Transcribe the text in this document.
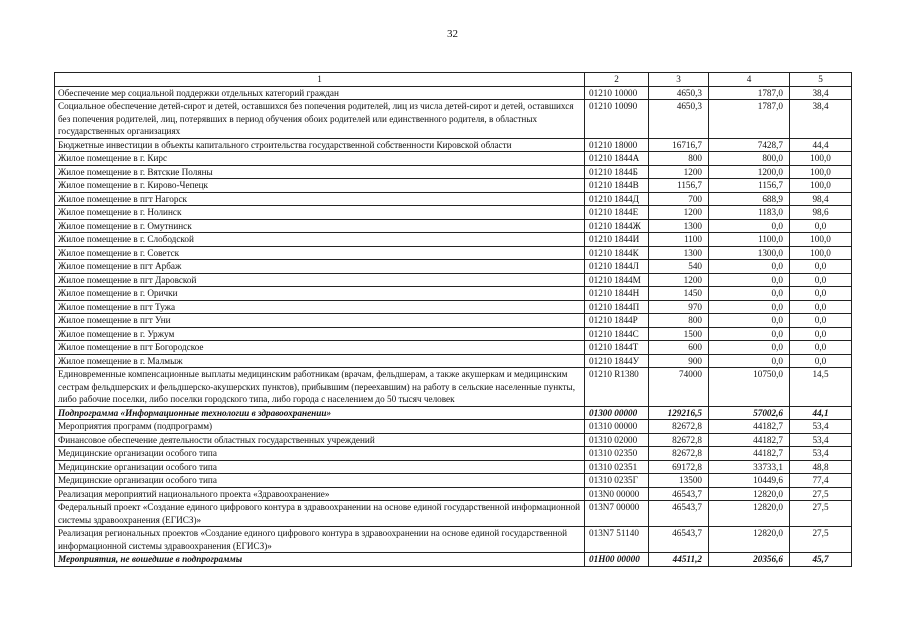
32
1	2	3	4	5
Обеспечение мер социальной поддержки отдельных категорий граждан	01210 10000	4650,3	1787,0	38,4
Социальное обеспечение детей-сирот и детей, оставшихся без попечения родителей, лиц из числа детей-сирот и детей, оставшихся без попечения родителей, лиц, потерявших в период обучения обоих родителей или единственного родителя, в областных государственных организациях	01210 10090	4650,3	1787,0	38,4
Бюджетные инвестиции в объекты капитального строительства государственной собственности Кировской области	01210 18000	16716,7	7428,7	44,4
Жилое помещение в г. Кирс	01210 1844А	800	800,0	100,0
Жилое помещение в г. Вятские Поляны	01210 1844Б	1200	1200,0	100,0
Жилое помещение в г. Кирово-Чепецк	01210 1844В	1156,7	1156,7	100,0
Жилое помещение в пгт Нагорск	01210 1844Д	700	688,9	98,4
Жилое помещение в г. Нолинск	01210 1844Е	1200	1183,0	98,6
Жилое помещение в г. Омутнинск	01210 1844Ж	1300	0,0	0,0
Жилое помещение в г. Слободской	01210 1844И	1100	1100,0	100,0
Жилое помещение в г. Советск	01210 1844К	1300	1300,0	100,0
Жилое помещение в пгт Арбаж	01210 1844Л	540	0,0	0,0
Жилое помещение в пгт Даровской	01210 1844М	1200	0,0	0,0
Жилое помещение в г. Орички	01210 1844Н	1450	0,0	0,0
Жилое помещение в пгт Тужа	01210 1844П	970	0,0	0,0
Жилое помещение в пгт Уни	01210 1844Р	800	0,0	0,0
Жилое помещение в г. Уржум	01210 1844С	1500	0,0	0,0
Жилое помещение в пгт Богородское	01210 1844Т	600	0,0	0,0
Жилое помещение в г. Малмыж	01210 1844У	900	0,0	0,0
Единовременные компенсационные выплаты медицинским работникам (врачам, фельдшерам, а также акушеркам и медицинским сестрам фельдшерских и фельдшерско-акушерских пунктов), прибывшим (переехавшим) на работу в сельские населенные пункты, либо рабочие поселки, либо поселки городского типа, либо города с населением до 50 тысяч человек	01210 R1380	74000	10750,0	14,5
Подпрограмма «Информационные технологии в здравоохранении»	01300 00000	129216,5	57002,6	44,1
Мероприятия программ (подпрограмм)	01310 00000	82672,8	44182,7	53,4
Финансовое обеспечение деятельности областных государственных учреждений	01310 02000	82672,8	44182,7	53,4
Медицинские организации особого типа	01310 02350	82672,8	44182,7	53,4
Медицинские организации особого типа	01310 02351	69172,8	33733,1	48,8
Медицинские организации особого типа	01310 0235Г	13500	10449,6	77,4
Реализация мероприятий национального проекта «Здравоохранение»	013N0 00000	46543,7	12820,0	27,5
Федеральный проект «Создание единого цифрового контура в здравоохранении на основе единой государственной информационной системы здравоохранения (ЕГИСЗ)»	013N7 00000	46543,7	12820,0	27,5
Реализация региональных проектов «Создание единого цифрового контура в здравоохранении на основе единой государственной информационной системы здравоохранения (ЕГИСЗ)»	013N7 51140	46543,7	12820,0	27,5
Мероприятия, не вошедшие в подпрограммы	01Н00 00000	44511,2	20356,6	45,7
